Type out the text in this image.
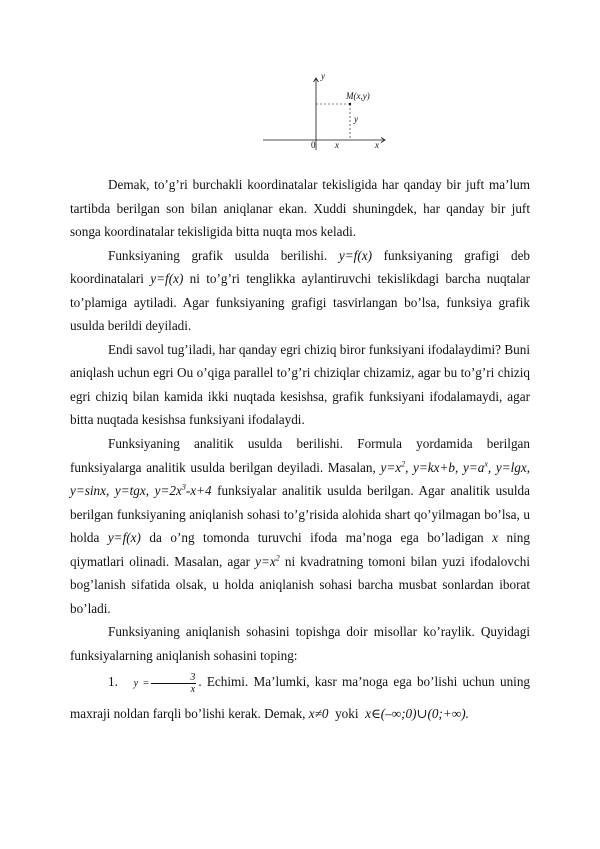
y
M(x,y)
y
0 x	x

Demak, to’g’ri burchakli koordinatalar tekisligida har qanday bir juft ma’lum tartibda berilgan son bilan aniqlanar ekan. Xuddi shuningdek, har qanday bir juft songa koordinatalar tekisligida bitta nuqta mos keladi.

Funksiyaning grafik usulda berilishi. y=f(x) funksiyaning grafigi deb koordinatalari y=f(x) ni to’g’ri tenglikka aylantiruvchi tekislikdagi barcha nuqtalar to’plamiga aytiladi. Agar funksiyaning grafigi tasvirlangan bo’lsa, funksiya grafik usulda berildi deyiladi.

Endi savol tug’iladi, har qanday egri chiziq biror funksiyani ifodalaydimi? Buni aniqlash uchun egri Ou o’qiga parallel to’g’ri chiziqlar chizamiz, agar bu to’g’ri chiziq egri chiziq bilan kamida ikki nuqtada kesishsa, grafik funksiyani ifodalamaydi, agar bitta nuqtada kesishsa funksiyani ifodalaydi.

Funksiyaning analitik usulda berilishi. Formula yordamida berilgan funksiyalarga analitik usulda berilgan deyiladi. Masalan, $y=x^2$, y=kx+b, $y=a^x$, y=lgx, y=sinx, y=tgx, $y=2x^3-x+4$ funksiyalar analitik usulda berilgan. Agar analitik usulda berilgan funksiyaning aniqlanish sohasi to’g’risida alohida shart qo’yilmagan bo’lsa, u holda y=f(x) da o’ng tomonda turuvchi ifoda ma’noga ega bo’ladigan x ning qiymatlari olinadi. Masalan, agar $y=x^2$ ni kvadratning tomoni bilan yuzi ifodalovchi bog’lanish sifatida olsak, u holda aniqlanish sohasi barcha musbat sonlardan iborat bo’ladi.

Funksiyaning aniqlanish sohasini topishga doir misollar ko’raylik. Quyidagi funksiyalarning aniqlanish sohasini toping:

1. $y = \frac{3}{x}$ . Echimi. Ma’lumki, kasr ma’noga ega bo’lishi uchun uning maxraji noldan farqli bo’lishi kerak. Demak, x≠0 yoki x∈(–∞;0)∪(0;+∞).
